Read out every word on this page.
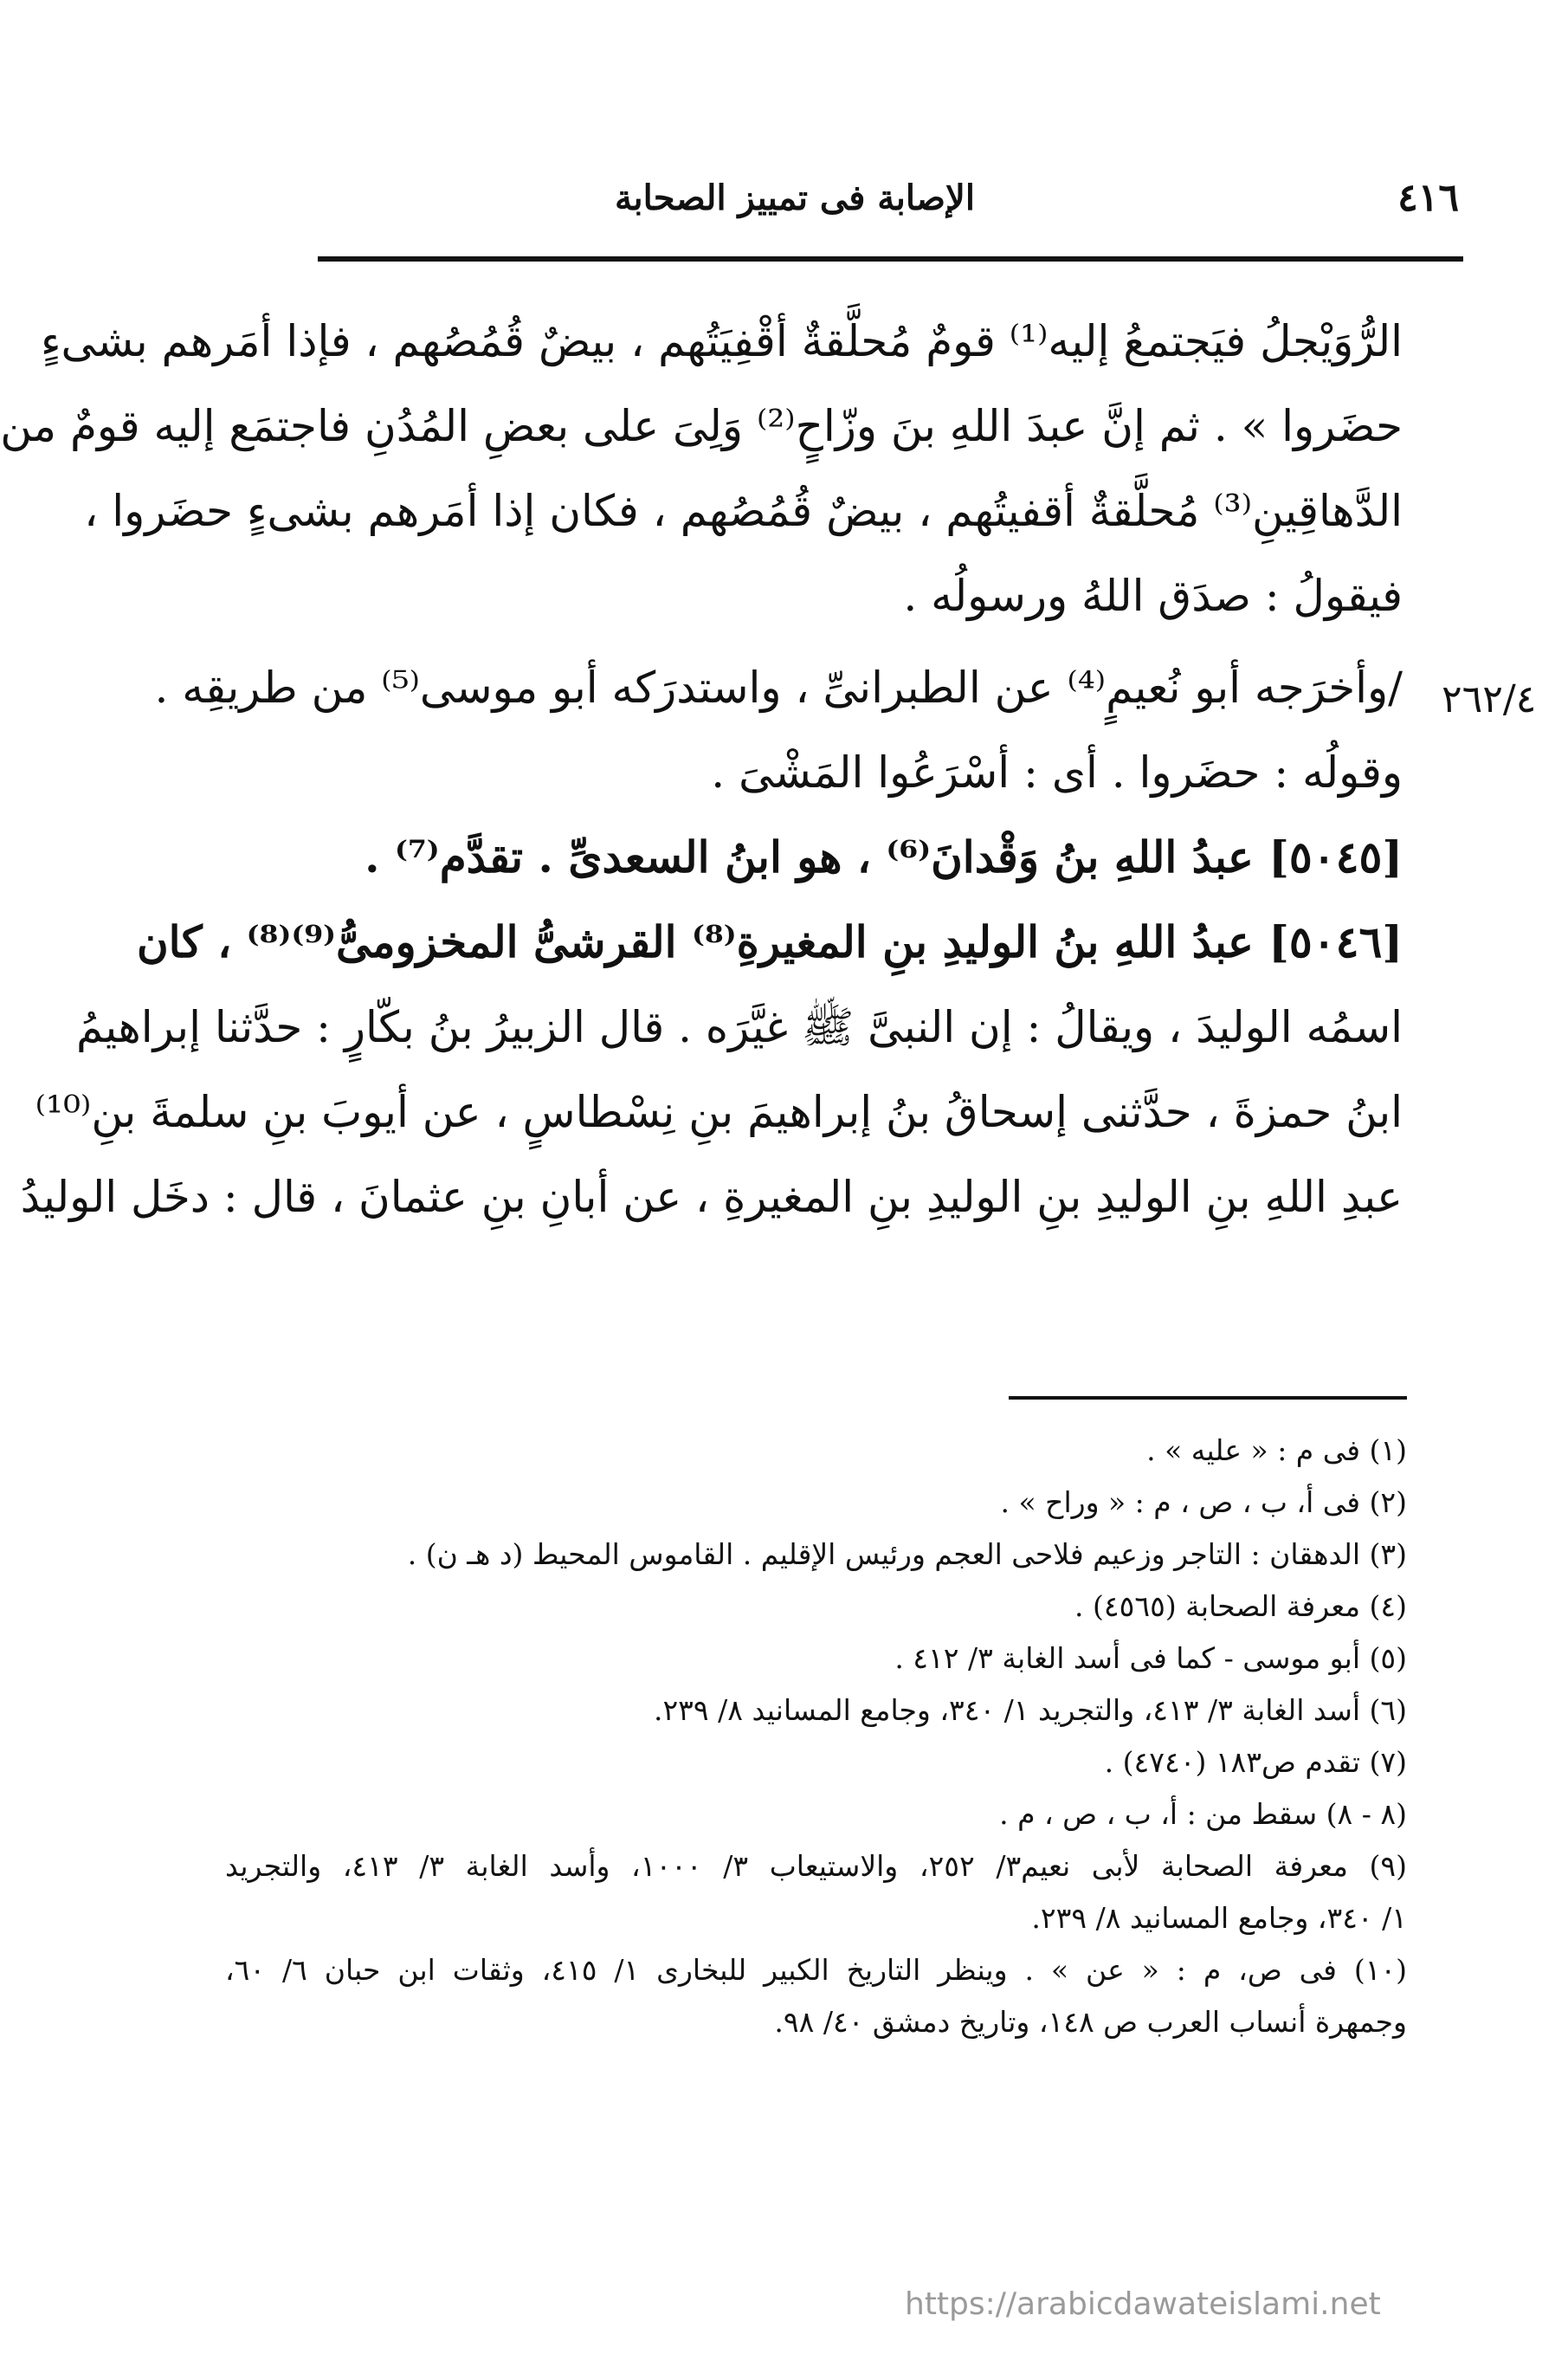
٤١٦
الإصابة فى تمييز الصحابة
٢٦٢/٤
الرُّوَيْجلُ فيَجتمعُ إليه⁽¹⁾ قومٌ مُحلَّقةٌ أقْفِيَتُهم ، بيضٌ قُمُصُهم ، فإذا أمَرهم بشىءٍ
حضَروا » . ثم إنَّ عبدَ اللهِ بنَ وزّاحٍ⁽²⁾ وَلِىَ على بعضِ المُدُنِ فاجتمَع إليه قومٌ من
الدَّهاقِينِ⁽³⁾ مُحلَّقةٌ أقفيتُهم ، بيضٌ قُمُصُهم ، فكان إذا أمَرهم بشىءٍ حضَروا ،
فيقولُ : صدَق اللهُ ورسولُه .
/وأخرَجه أبو نُعيمٍ⁽⁴⁾ عن الطبرانىِّ ، واستدرَكه أبو موسى⁽⁵⁾ من طريقِه .
وقولُه : حضَروا . أى : أسْرَعُوا المَشْىَ .
[٥٠٤٥] عبدُ اللهِ بنُ وَقْدانَ⁽⁶⁾ ، هو ابنُ السعدىِّ . تقدَّم⁽⁷⁾ .
[٥٠٤٦] عبدُ اللهِ بنُ الوليدِ بنِ المغيرةِ⁽⁸⁾ القرشىُّ المخزومىُّ⁽⁹⁾⁽⁸⁾ ، كان
اسمُه الوليدَ ، ويقالُ : إن النبىَّ ﷺ غيَّرَه . قال الزبيرُ بنُ بكّارٍ : حدَّثنا إبراهيمُ
ابنُ حمزةَ ، حدَّثنى إسحاقُ بنُ إبراهيمَ بنِ نِسْطاسٍ ، عن أيوبَ بنِ سلمةَ بنِ⁽¹⁰⁾
عبدِ اللهِ بنِ الوليدِ بنِ الوليدِ بنِ المغيرةِ ، عن أبانِ بنِ عثمانَ ، قال : دخَل الوليدُ
(١) فى م : « عليه » .
(٢) فى أ، ب ، ص ، م : « وراح » .
(٣) الدهقان : التاجر وزعيم فلاحى العجم ورئيس الإقليم . القاموس المحيط (د هـ ن) .
(٤) معرفة الصحابة (٤٥٦٥) .
(٥) أبو موسى - كما فى أسد الغابة ٣/ ٤١٢ .
(٦) أسد الغابة ٣/ ٤١٣، والتجريد ١/ ٣٤٠، وجامع المسانيد ٨/ ٢٣٩.
(٧) تقدم ص١٨٣ (٤٧٤٠) .
(٨ - ٨) سقط من : أ، ب ، ص ، م .
(٩) معرفة الصحابة لأبى نعيم٣/ ٢٥٢، والاستيعاب ٣/ ١٠٠٠، وأسد الغابة ٣/ ٤١٣، والتجريد
١/ ٣٤٠، وجامع المسانيد ٨/ ٢٣٩.
(١٠) فى ص، م : « عن » . وينظر التاريخ الكبير للبخارى ١/ ٤١٥، وثقات ابن حبان ٦/ ٦٠،
وجمهرة أنساب العرب ص ١٤٨، وتاريخ دمشق ٤٠/ ٩٨.
https://arabicdawateislami.net
